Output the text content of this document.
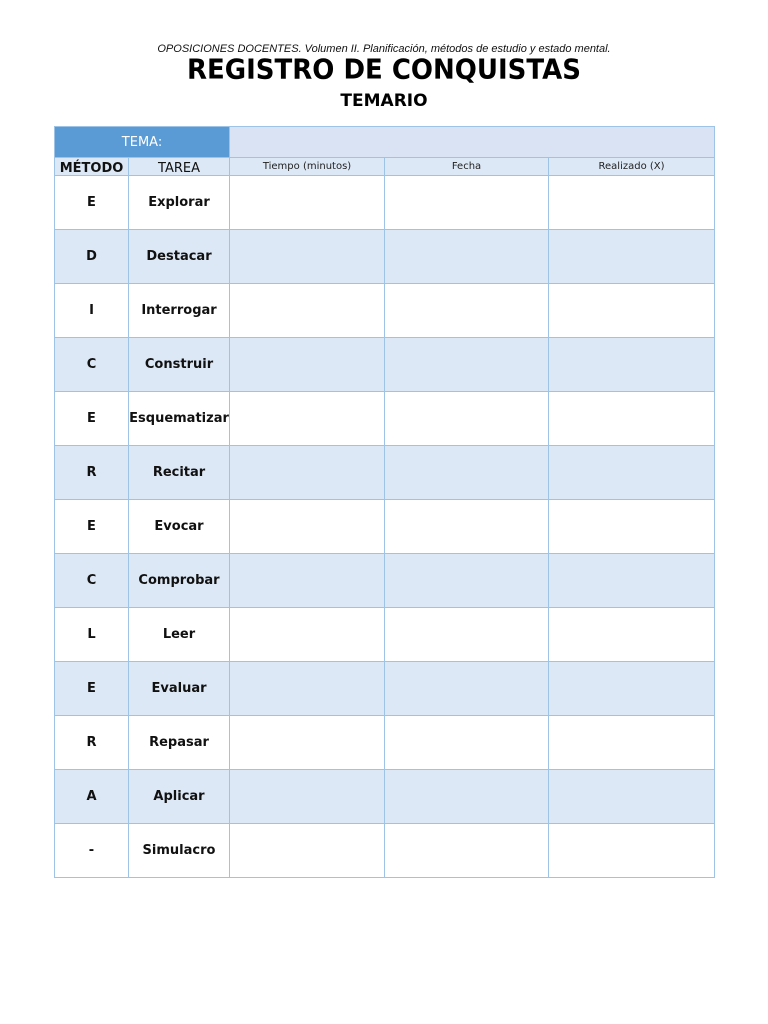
OPOSICIONES DOCENTES. Volumen II. Planificación, métodos de estudio y estado mental.
REGISTRO DE CONQUISTAS
TEMARIO
TEMA:				
MÉTODO	TAREA	Tiempo (minutos)	Fecha	Realizado (X)
E	Explorar			
D	Destacar			
I	Interrogar			
C	Construir			
E	Esquematizar			
R	Recitar			
E	Evocar			
C	Comprobar			
L	Leer			
E	Evaluar			
R	Repasar			
A	Aplicar			
-	Simulacro			
